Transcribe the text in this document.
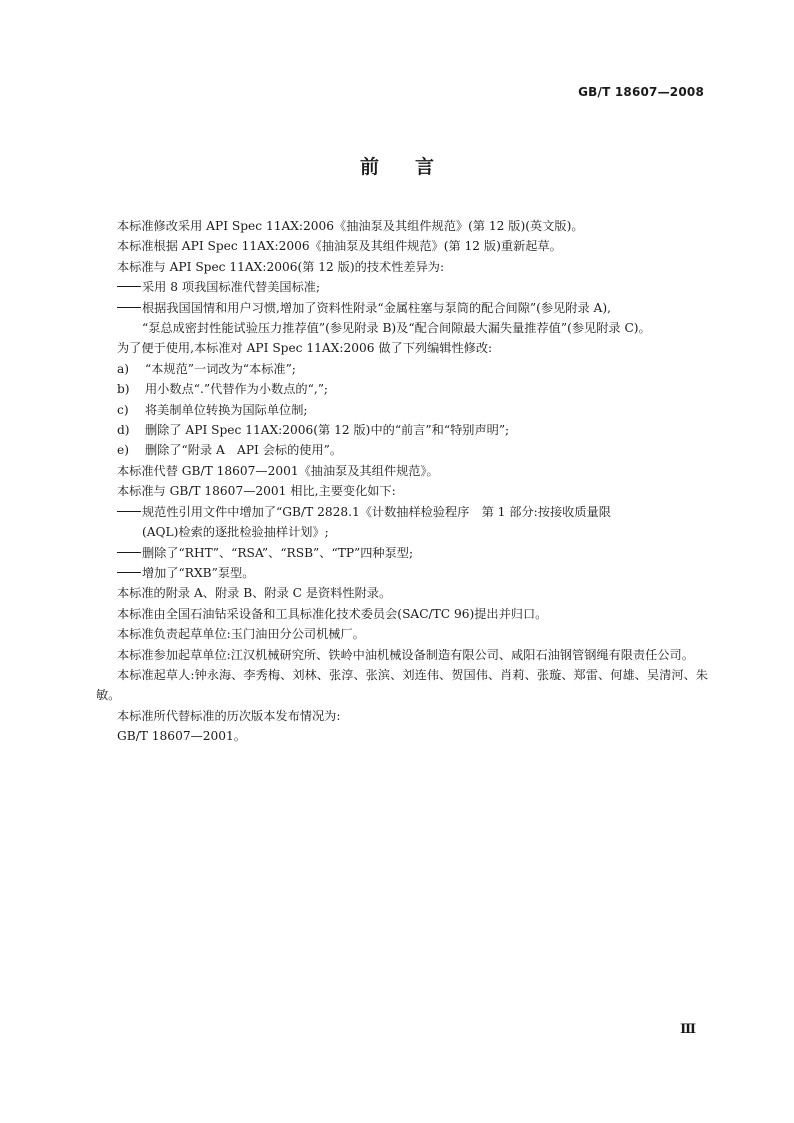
GB/T 18607—2008
前言

本标准修改采用 API Spec 11AX:2006《抽油泵及其组件规范》(第 12 版)(英文版)。

本标准根据 API Spec 11AX:2006《抽油泵及其组件规范》(第 12 版)重新起草。

本标准与 API Spec 11AX:2006(第 12 版)的技术性差异为:

采用 8 项我国标准代替美国标准;

根据我国国情和用户习惯,增加了资料性附录“金属柱塞与泵筒的配合间隙”(参见附录 A),

“泵总成密封性能试验压力推荐值”(参见附录 B)及“配合间隙最大漏失量推荐值”(参见附录 C)。

为了便于使用,本标准对 API Spec 11AX:2006 做了下列编辑性修改:

a) “本规范”一词改为“本标准”;

b) 用小数点“.”代替作为小数点的“,”;

c) 将美制单位转换为国际单位制;

d) 删除了 API Spec 11AX:2006(第 12 版)中的“前言”和“特别声明”;

e) 删除了“附录 A　API 会标的使用”。

本标准代替 GB/T 18607—2001《抽油泵及其组件规范》。

本标准与 GB/T 18607—2001 相比,主要变化如下:

规范性引用文件中增加了“GB/T 2828.1《计数抽样检验程序　第 1 部分:按接收质量限

(AQL)检索的逐批检验抽样计划》;

删除了“RHT”、“RSA”、“RSB”、“TP”四种泵型;

增加了“RXB”泵型。

本标准的附录 A、附录 B、附录 C 是资料性附录。

本标准由全国石油钻采设备和工具标准化技术委员会(SAC/TC 96)提出并归口。

本标准负责起草单位:玉门油田分公司机械厂。

本标准参加起草单位:江汉机械研究所、铁岭中油机械设备制造有限公司、咸阳石油钢管钢绳有限责任公司。

本标准起草人:钟永海、李秀梅、刘林、张淳、张滨、刘连伟、贺国伟、肖莉、张璇、郑雷、何雄、吴清河、朱敏。

本标准所代替标准的历次版本发布情况为:

GB/T 18607—2001。

Ⅲ
